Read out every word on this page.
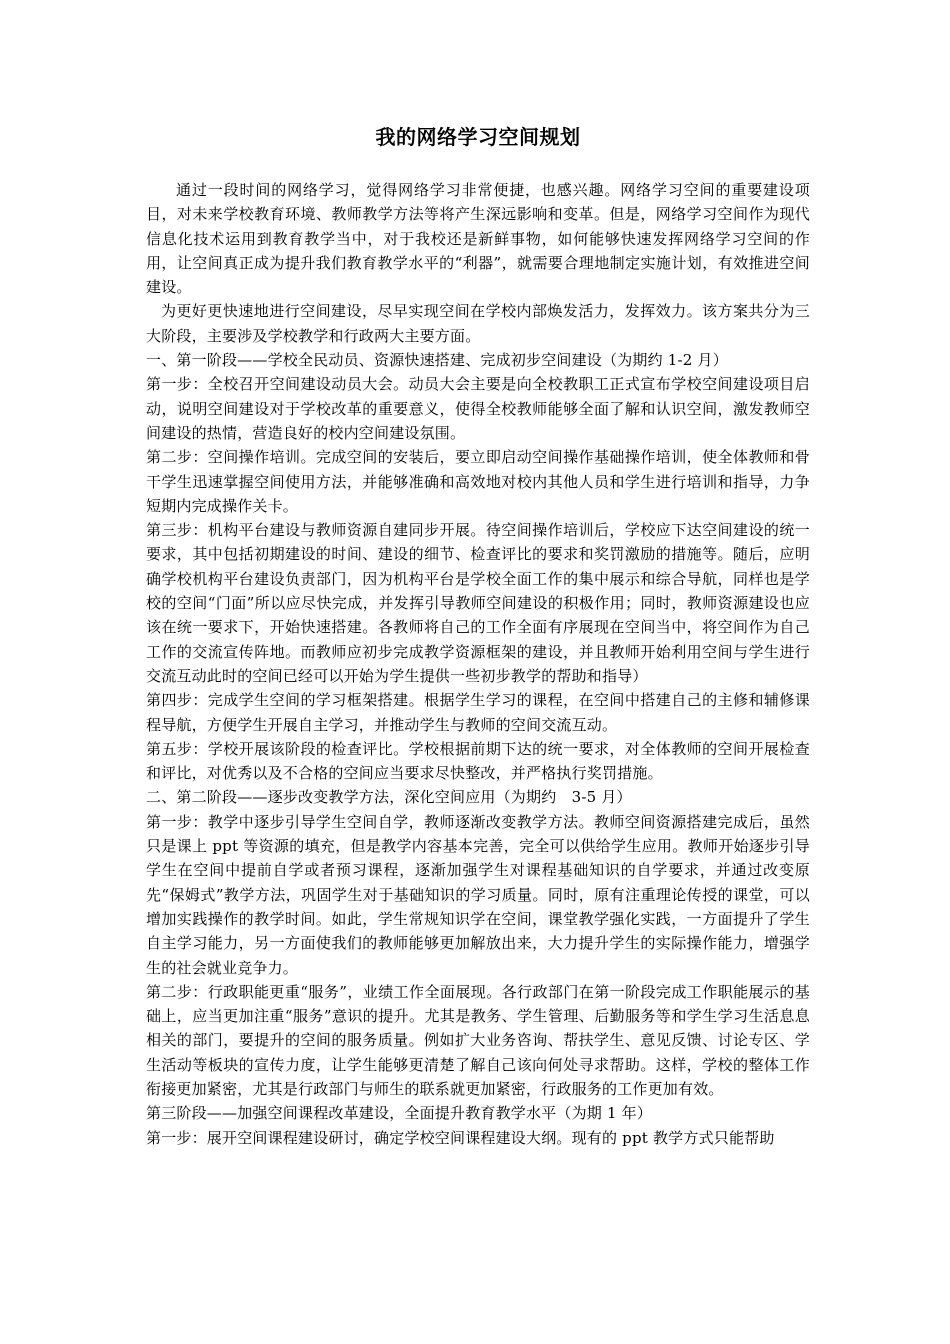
我的网络学习空间规划

通过一段时间的网络学习，觉得网络学习非常便捷，也感兴趣。网络学习空间的重要建设项目，对未来学校教育环境、教师教学方法等将产生深远影响和变革。但是，网络学习空间作为现代信息化技术运用到教育教学当中，对于我校还是新鲜事物，如何能够快速发挥网络学习空间的作用，让空间真正成为提升我们教育教学水平的“利器”，就需要合理地制定实施计划，有效推进空间建设。

为更好更快速地进行空间建设，尽早实现空间在学校内部焕发活力，发挥效力。该方案共分为三大阶段，主要涉及学校教学和行政两大主要方面。

一、第一阶段——学校全民动员、资源快速搭建、完成初步空间建设（为期约 1-2 月）

第一步：全校召开空间建设动员大会。动员大会主要是向全校教职工正式宣布学校空间建设项目启动，说明空间建设对于学校改革的重要意义，使得全校教师能够全面了解和认识空间，激发教师空间建设的热情，营造良好的校内空间建设氛围。

第二步：空间操作培训。完成空间的安装后，要立即启动空间操作基础操作培训，使全体教师和骨干学生迅速掌握空间使用方法，并能够准确和高效地对校内其他人员和学生进行培训和指导，力争短期内完成操作关卡。

第三步：机构平台建设与教师资源自建同步开展。待空间操作培训后，学校应下达空间建设的统一要求，其中包括初期建设的时间、建设的细节、检查评比的要求和奖罚激励的措施等。随后，应明确学校机构平台建设负责部门，因为机构平台是学校全面工作的集中展示和综合导航，同样也是学校的空间“门面”所以应尽快完成，并发挥引导教师空间建设的积极作用；同时，教师资源建设也应该在统一要求下，开始快速搭建。各教师将自己的工作全面有序展现在空间当中，将空间作为自己工作的交流宣传阵地。而教师应初步完成教学资源框架的建设，并且教师开始利用空间与学生进行交流互动此时的空间已经可以开始为学生提供一些初步教学的帮助和指导）

第四步：完成学生空间的学习框架搭建。根据学生学习的课程，在空间中搭建自己的主修和辅修课程导航，方便学生开展自主学习，并推动学生与教师的空间交流互动。

第五步：学校开展该阶段的检查评比。学校根据前期下达的统一要求，对全体教师的空间开展检查和评比，对优秀以及不合格的空间应当要求尽快整改，并严格执行奖罚措施。

二、第二阶段——逐步改变教学方法，深化空间应用（为期约　3-5 月）

第一步：教学中逐步引导学生空间自学，教师逐渐改变教学方法。教师空间资源搭建完成后，虽然只是课上 ppt 等资源的填充，但是教学内容基本完善，完全可以供给学生应用。教师开始逐步引导学生在空间中提前自学或者预习课程，逐渐加强学生对课程基础知识的自学要求，并通过改变原先“保姆式”教学方法，巩固学生对于基础知识的学习质量。同时，原有注重理论传授的课堂，可以增加实践操作的教学时间。如此，学生常规知识学在空间，课堂教学强化实践，一方面提升了学生自主学习能力，另一方面使我们的教师能够更加解放出来，大力提升学生的实际操作能力，增强学生的社会就业竞争力。

第二步：行政职能更重“服务”，业绩工作全面展现。各行政部门在第一阶段完成工作职能展示的基础上，应当更加注重“服务”意识的提升。尤其是教务、学生管理、后勤服务等和学生学习生活息息相关的部门，要提升的空间的服务质量。例如扩大业务咨询、帮扶学生、意见反馈、讨论专区、学生活动等板块的宣传力度，让学生能够更清楚了解自己该向何处寻求帮助。这样，学校的整体工作衔接更加紧密，尤其是行政部门与师生的联系就更加紧密，行政服务的工作更加有效。

第三阶段——加强空间课程改革建设，全面提升教育教学水平（为期 1 年）

第一步：展开空间课程建设研讨，确定学校空间课程建设大纲。现有的 ppt 教学方式只能帮助
